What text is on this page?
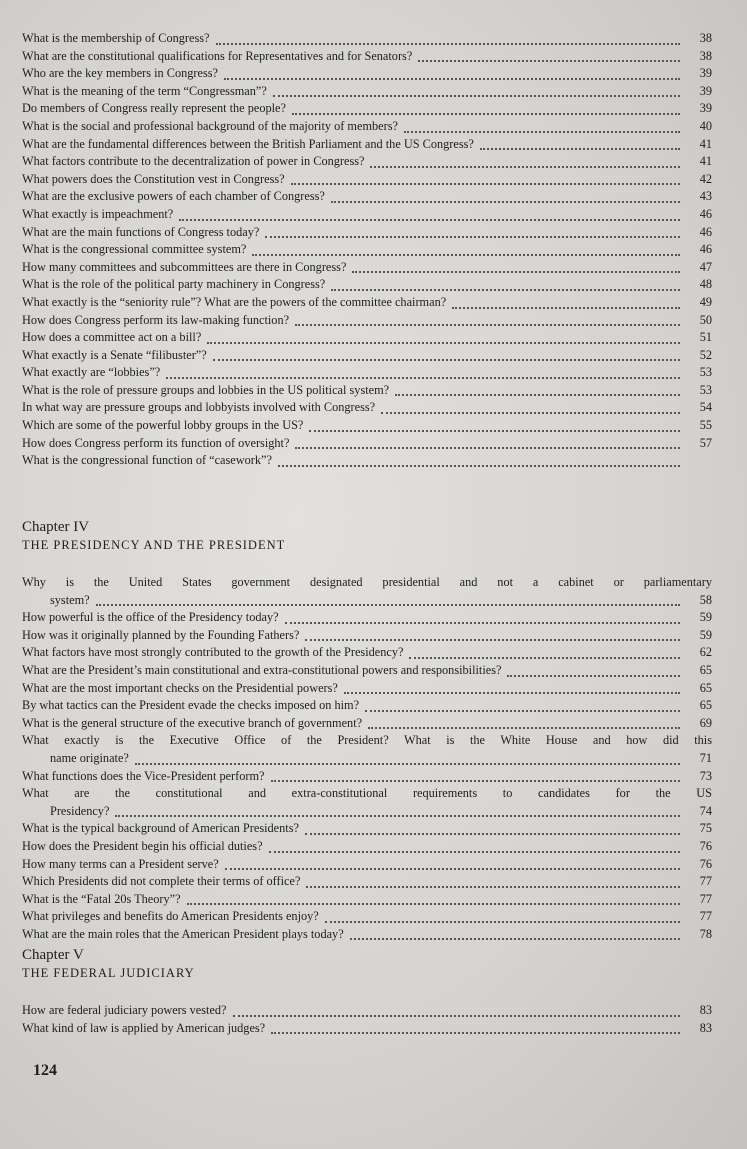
What is the membership of Congress?	38
What are the constitutional qualifications for Representatives and for Senators?	38
Who are the key members in Congress?	39
What is the meaning of the term “Congressman”?	39
Do members of Congress really represent the people?	39
What is the social and professional background of the majority of members?	40
What are the fundamental differences between the British Parliament and the US Congress?	41
What factors contribute to the decentralization of power in Congress?	41
What powers does the Constitution vest in Congress?	42
What are the exclusive powers of each chamber of Congress?	43
What exactly is impeachment?	46
What are the main functions of Congress today?	46
What is the congressional committee system?	46
How many committees and subcommittees are there in Congress?	47
What is the role of the political party machinery in Congress?	48
What exactly is the “seniority rule”? What are the powers of the committee chairman?	49
How does Congress perform its law-making function?	50
How does a committee act on a bill?	51
What exactly is a Senate “filibuster”?	52
What exactly are “lobbies”?	53
What is the role of pressure groups and lobbies in the US political system?	53
In what way are pressure groups and lobbyists involved with Congress?	54
Which are some of the powerful lobby groups in the US?	55
How does Congress perform its function of oversight?	57
What is the congressional function of “casework”?
Chapter IV
THE PRESIDENCY AND THE PRESIDENT
Why is the United States government designated presidential and not a cabinet or parliamentary
system?	58
How powerful is the office of the Presidency today?	59
How was it originally planned by the Founding Fathers?	59
What factors have most strongly contributed to the growth of the Presidency?	62
What are the President’s main constitutional and extra-constitutional powers and responsibilities?	65
What are the most important checks on the Presidential powers?	65
By what tactics can the President evade the checks imposed on him?	65
What is the general structure of the executive branch of government?	69
What exactly is the Executive Office of the President? What is the White House and how did this
name originate?	71
What functions does the Vice-President perform?	73
What are the constitutional and extra-constitutional requirements to candidates for the US
Presidency?	74
What is the typical background of American Presidents?	75
How does the President begin his official duties?	76
How many terms can a President serve?	76
Which Presidents did not complete their terms of office?	77
What is the “Fatal 20s Theory”?	77
What privileges and benefits do American Presidents enjoy?	77
What are the main roles that the American President plays today?	78
Chapter V
THE FEDERAL JUDICIARY
How are federal judiciary powers vested?	83
What kind of law is applied by American judges?	83
124
